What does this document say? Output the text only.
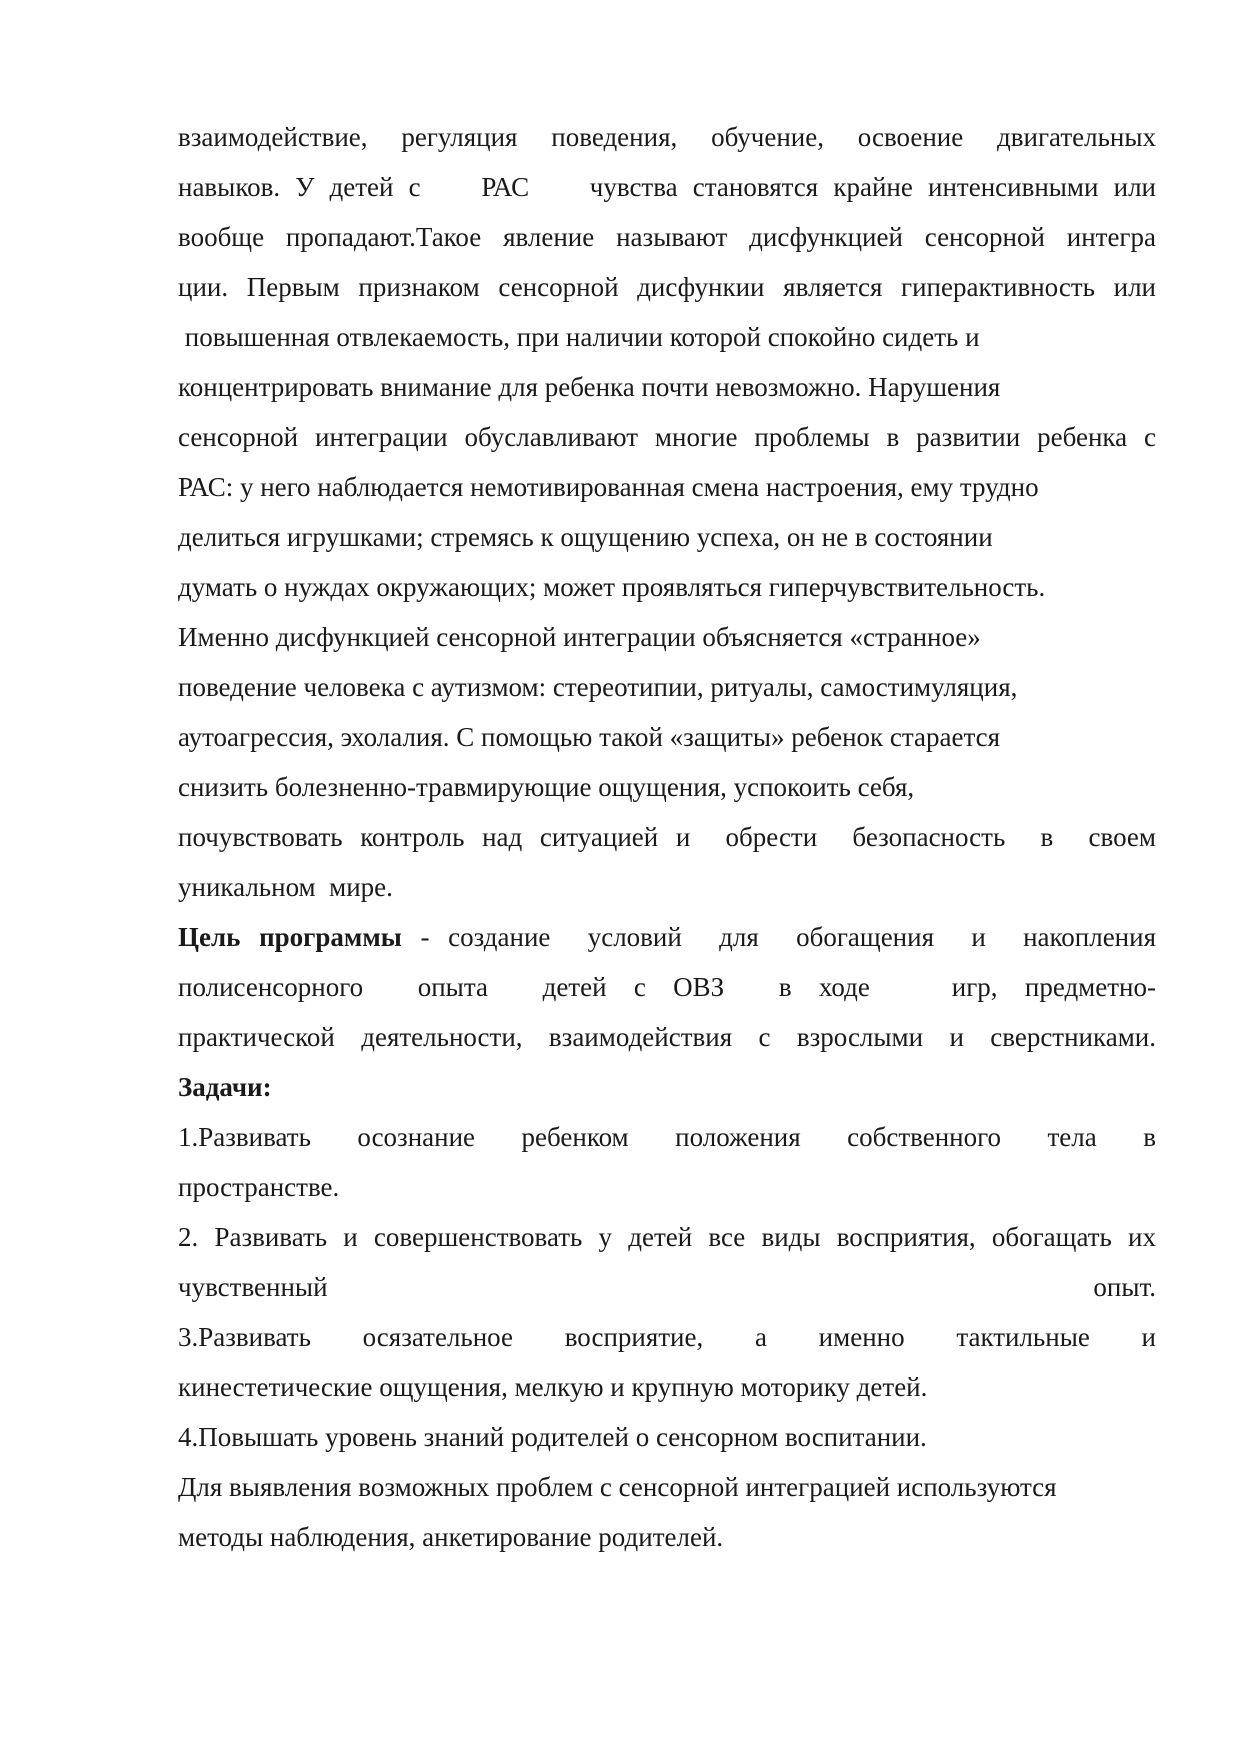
взаимодействие, регуляция поведения, обучение, освоение двигательных
навыков. У детей с    РАС    чувства становятся крайне интенсивными или
вообще пропадают.Такое явление называют дисфункцией сенсорной интегра
ции. Первым признаком сенсорной дисфункии является гиперактивность или
повышенная отвлекаемость, при наличии которой спокойно сидеть и
концентрировать внимание для ребенка почти невозможно. Нарушения
сенсорной интеграции обуславливают многие проблемы в развитии ребенка с
РАС: у него наблюдается немотивированная смена настроения, ему трудно
делиться игрушками; стремясь к ощущению успеха, он не в состоянии
думать о нуждах окружающих; может проявляться гиперчувствительность.
Именно дисфункцией сенсорной интеграции объясняется «странное»
поведение человека с аутизмом: стереотипии, ритуалы, самостимуляция,
аутоагрессия, эхолалия. С помощью такой «защиты» ребенок старается
снизить болезненно-травмирующие ощущения, успокоить себя,
почувствовать контроль над ситуацией и  обрести  безопасность  в  своем
уникальном  мире.
Цель программы - создание  условий  для  обогащения  и  накопления
полисенсорного  опыта  детей с ОВЗ  в ходе   игр, предметно-
практической деятельности, взаимодействия с взрослыми и сверстниками.
Задачи:
1.Развивать  осознание  ребенком  положения  собственного  тела  в
пространстве.
2. Развивать и совершенствовать у детей все виды восприятия, обогащать их
чувственный	опыт.
3.Развивать  осязательное  восприятие,  а  именно  тактильные  и
кинестетические ощущения, мелкую и крупную моторику детей.
4.Повышать уровень знаний родителей о сенсорном воспитании.
Для выявления возможных проблем с сенсорной интеграцией используются
методы наблюдения, анкетирование родителей.
